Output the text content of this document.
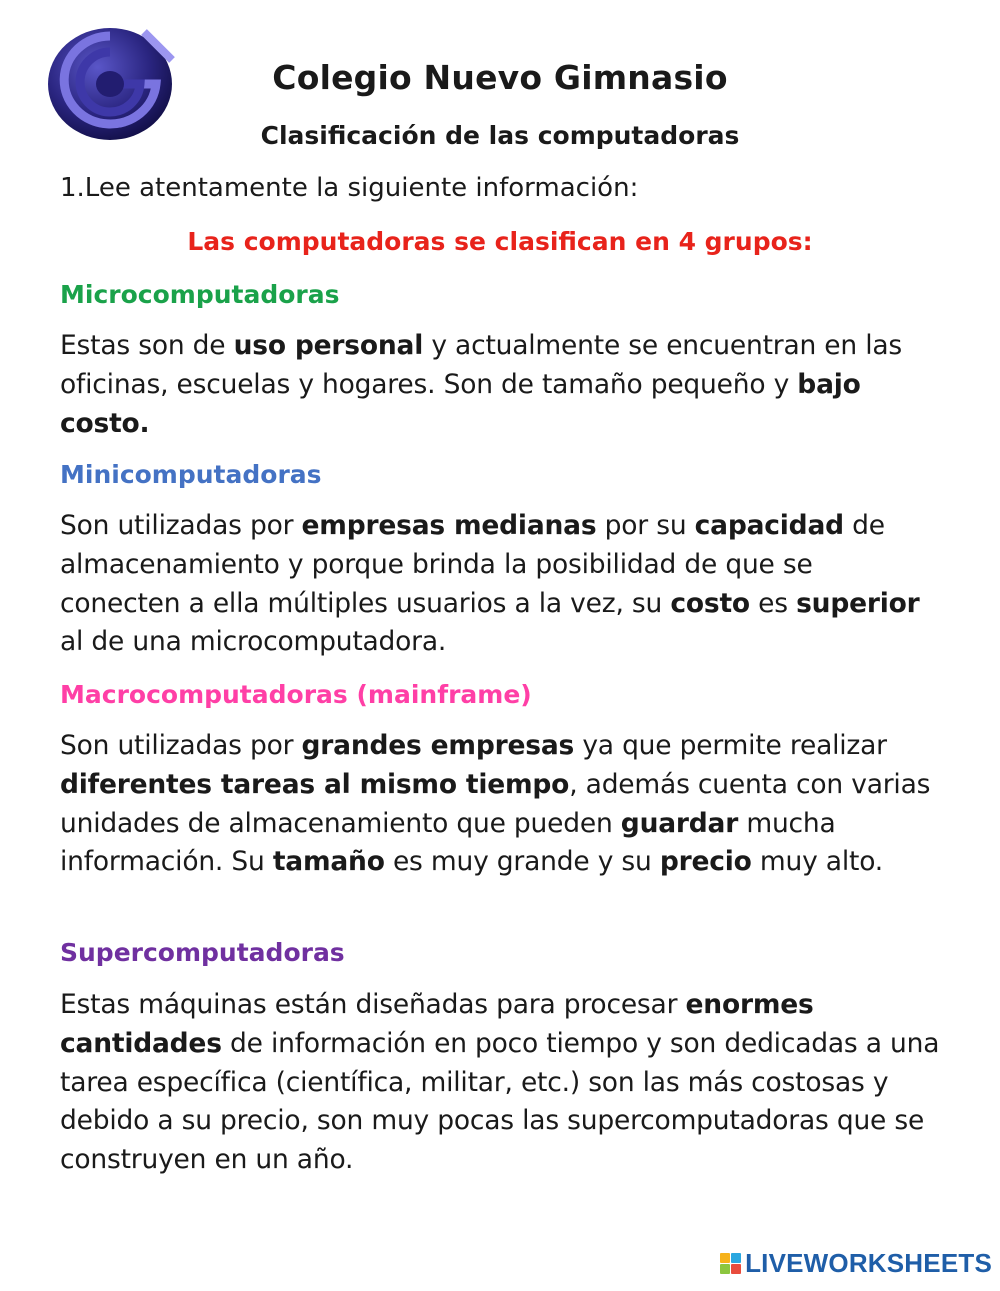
Colegio Nuevo Gimnasio
Clasificación de las computadoras
1.Lee atentamente la siguiente información:
Las computadoras se clasifican en 4 grupos:
Microcomputadoras
Estas son de uso personal y actualmente se encuentran en las oficinas, escuelas y hogares. Son de tamaño pequeño y bajo costo.
Minicomputadoras
Son utilizadas por empresas medianas por su capacidad de almacenamiento y porque brinda la posibilidad de que se conecten a ella múltiples usuarios a la vez, su costo es superior al de una microcomputadora.
Macrocomputadoras (mainframe)
Son utilizadas por grandes empresas ya que permite realizar diferentes tareas al mismo tiempo, además cuenta con varias unidades de almacenamiento que pueden guardar mucha información. Su tamaño es muy grande y su precio muy alto.
Supercomputadoras
Estas máquinas están diseñadas para procesar enormes cantidades de información en poco tiempo y son dedicadas a una tarea específica (científica, militar, etc.) son las más costosas y debido a su precio, son muy pocas las supercomputadoras que se construyen en un año.
LIVEWORKSHEETS
